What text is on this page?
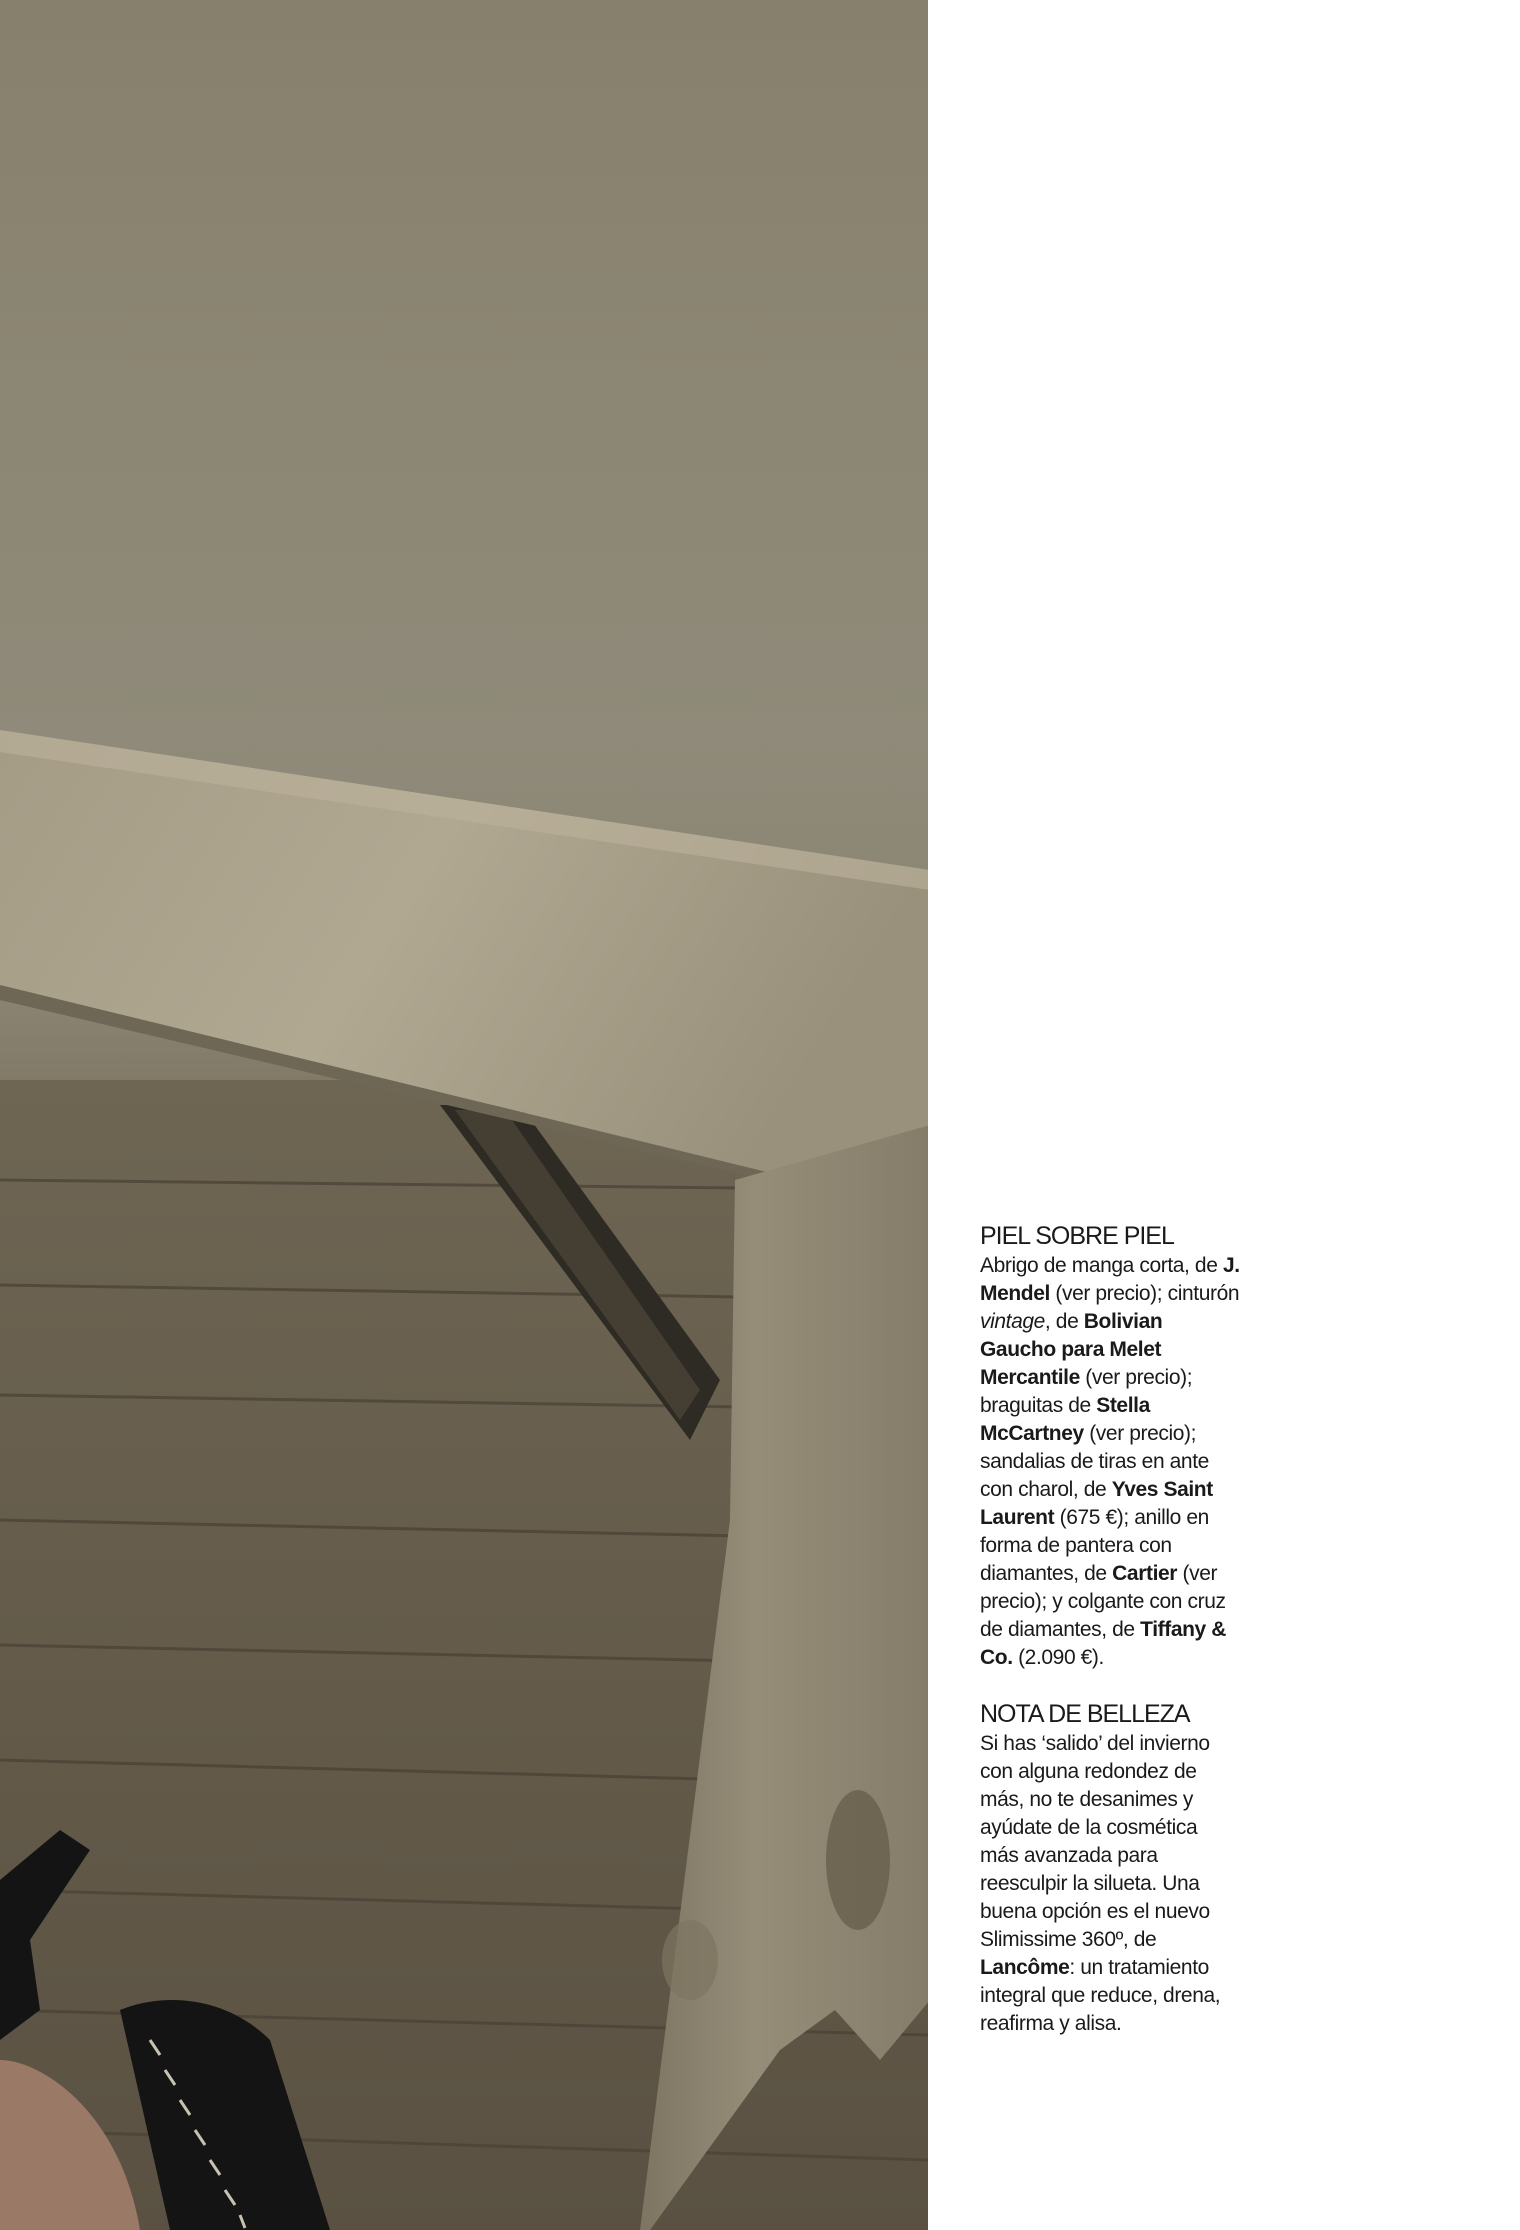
PIEL SOBRE PIEL

Abrigo de manga corta, de J. Mendel (ver precio); cinturón vintage, de Bolivian Gaucho para Melet Mercantile (ver precio); braguitas de Stella McCartney (ver precio); sandalias de tiras en ante con charol, de Yves Saint Laurent (675 €); anillo en forma de pantera con diamantes, de Cartier (ver precio); y colgante con cruz de diamantes, de Tiffany & Co. (2.090 €).

NOTA DE BELLEZA

Si has ‘salido’ del invierno con alguna redondez de más, no te desanimes y ayúdate de la cosmética más avanzada para reesculpir la silueta. Una buena opción es el nuevo Slimissime 360º, de Lancôme: un tratamiento integral que reduce, drena, reafirma y alisa.
